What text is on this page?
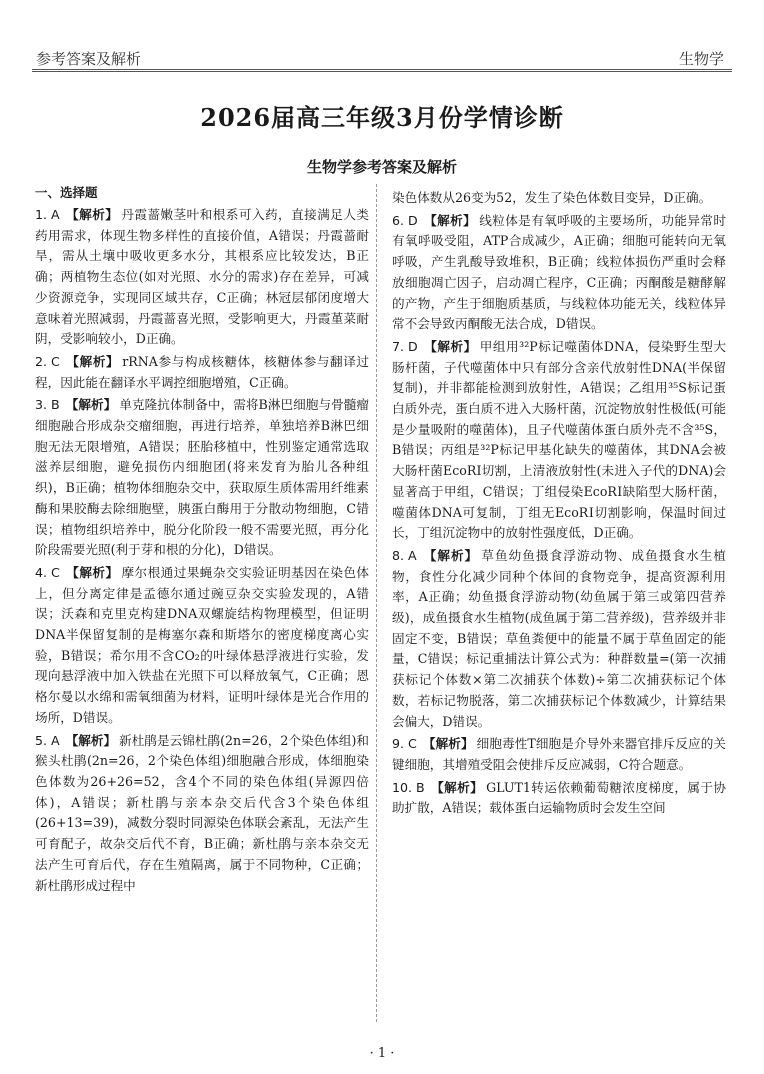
参考答案及解析	生物学
2026届高三年级3月份学情诊断
生物学参考答案及解析
一、选择题

1. A 【解析】 丹霞蔷嫩茎叶和根系可入药，直接满足人类药用需求，体现生物多样性的直接价值，A错误；丹霞蔷耐旱，需从土壤中吸收更多水分，其根系应比较发达，B正确；两植物生态位(如对光照、水分的需求)存在差异，可减少资源竞争，实现同区域共存，C正确；林冠层郁闭度增大意味着光照减弱，丹霞蔷喜光照，受影响更大，丹霞堇菜耐阴，受影响较小，D正确。

2. C 【解析】 rRNA参与构成核糖体，核糖体参与翻译过程，因此能在翻译水平调控细胞增殖，C正确。

3. B 【解析】 单克隆抗体制备中，需将B淋巴细胞与骨髓瘤细胞融合形成杂交瘤细胞，再进行培养，单独培养B淋巴细胞无法无限增殖，A错误；胚胎移植中，性别鉴定通常选取滋养层细胞，避免损伤内细胞团(将来发育为胎儿各种组织)，B正确；植物体细胞杂交中，获取原生质体需用纤维素酶和果胶酶去除细胞壁，胰蛋白酶用于分散动物细胞，C错误；植物组织培养中，脱分化阶段一般不需要光照，再分化阶段需要光照(利于芽和根的分化)，D错误。

4. C 【解析】 摩尔根通过果蝇杂交实验证明基因在染色体上，但分离定律是孟德尔通过豌豆杂交实验发现的，A错误；沃森和克里克构建DNA双螺旋结构物理模型，但证明DNA半保留复制的是梅塞尔森和斯塔尔的密度梯度离心实验，B错误；希尔用不含CO₂的叶绿体悬浮液进行实验，发现向悬浮液中加入铁盐在光照下可以释放氧气，C正确；恩格尔曼以水绵和需氧细菌为材料，证明叶绿体是光合作用的场所，D错误。

5. A 【解析】 新杜鹃是云锦杜鹃(2n=26，2个染色体组)和猴头杜鹃(2n=26，2个染色体组)细胞融合形成，体细胞染色体数为26+26=52，含4个不同的染色体组(异源四倍体)，A错误；新杜鹃与亲本杂交后代含3个染色体组(26+13=39)，减数分裂时同源染色体联会紊乱，无法产生可育配子，故杂交后代不育，B正确；新杜鹃与亲本杂交无法产生可育后代，存在生殖隔离，属于不同物种，C正确；新杜鹃形成过程中

染色体数从26变为52，发生了染色体数目变异，D正确。

6. D 【解析】 线粒体是有氧呼吸的主要场所，功能异常时有氧呼吸受阻，ATP合成减少，A正确；细胞可能转向无氧呼吸，产生乳酸导致堆积，B正确；线粒体损伤严重时会释放细胞凋亡因子，启动凋亡程序，C正确；丙酮酸是糖酵解的产物，产生于细胞质基质，与线粒体功能无关，线粒体异常不会导致丙酮酸无法合成，D错误。

7. D 【解析】 甲组用³²P标记噬菌体DNA，侵染野生型大肠杆菌，子代噬菌体中只有部分含亲代放射性DNA(半保留复制)，并非都能检测到放射性，A错误；乙组用³⁵S标记蛋白质外壳，蛋白质不进入大肠杆菌，沉淀物放射性极低(可能是少量吸附的噬菌体)，且子代噬菌体蛋白质外壳不含³⁵S，B错误；丙组是³²P标记甲基化缺失的噬菌体，其DNA会被大肠杆菌EcoRⅠ切割，上清液放射性(未进入子代的DNA)会显著高于甲组，C错误；丁组侵染EcoRⅠ缺陷型大肠杆菌，噬菌体DNA可复制，丁组无EcoRⅠ切割影响，保温时间过长，丁组沉淀物中的放射性强度低，D正确。

8. A 【解析】 草鱼幼鱼摄食浮游动物、成鱼摄食水生植物，食性分化减少同种个体间的食物竞争，提高资源利用率，A正确；幼鱼摄食浮游动物(幼鱼属于第三或第四营养级)，成鱼摄食水生植物(成鱼属于第二营养级)，营养级并非固定不变，B错误；草鱼粪便中的能量不属于草鱼固定的能量，C错误；标记重捕法计算公式为：种群数量=(第一次捕获标记个体数×第二次捕获个体数)÷第二次捕获标记个体数，若标记物脱落，第二次捕获标记个体数减少，计算结果会偏大，D错误。

9. C 【解析】 细胞毒性T细胞是介导外来器官排斥反应的关键细胞，其增殖受阻会使排斥反应减弱，C符合题意。

10. B 【解析】 GLUT1转运依赖葡萄糖浓度梯度，属于协助扩散，A错误；载体蛋白运输物质时会发生空间

· 1 ·
